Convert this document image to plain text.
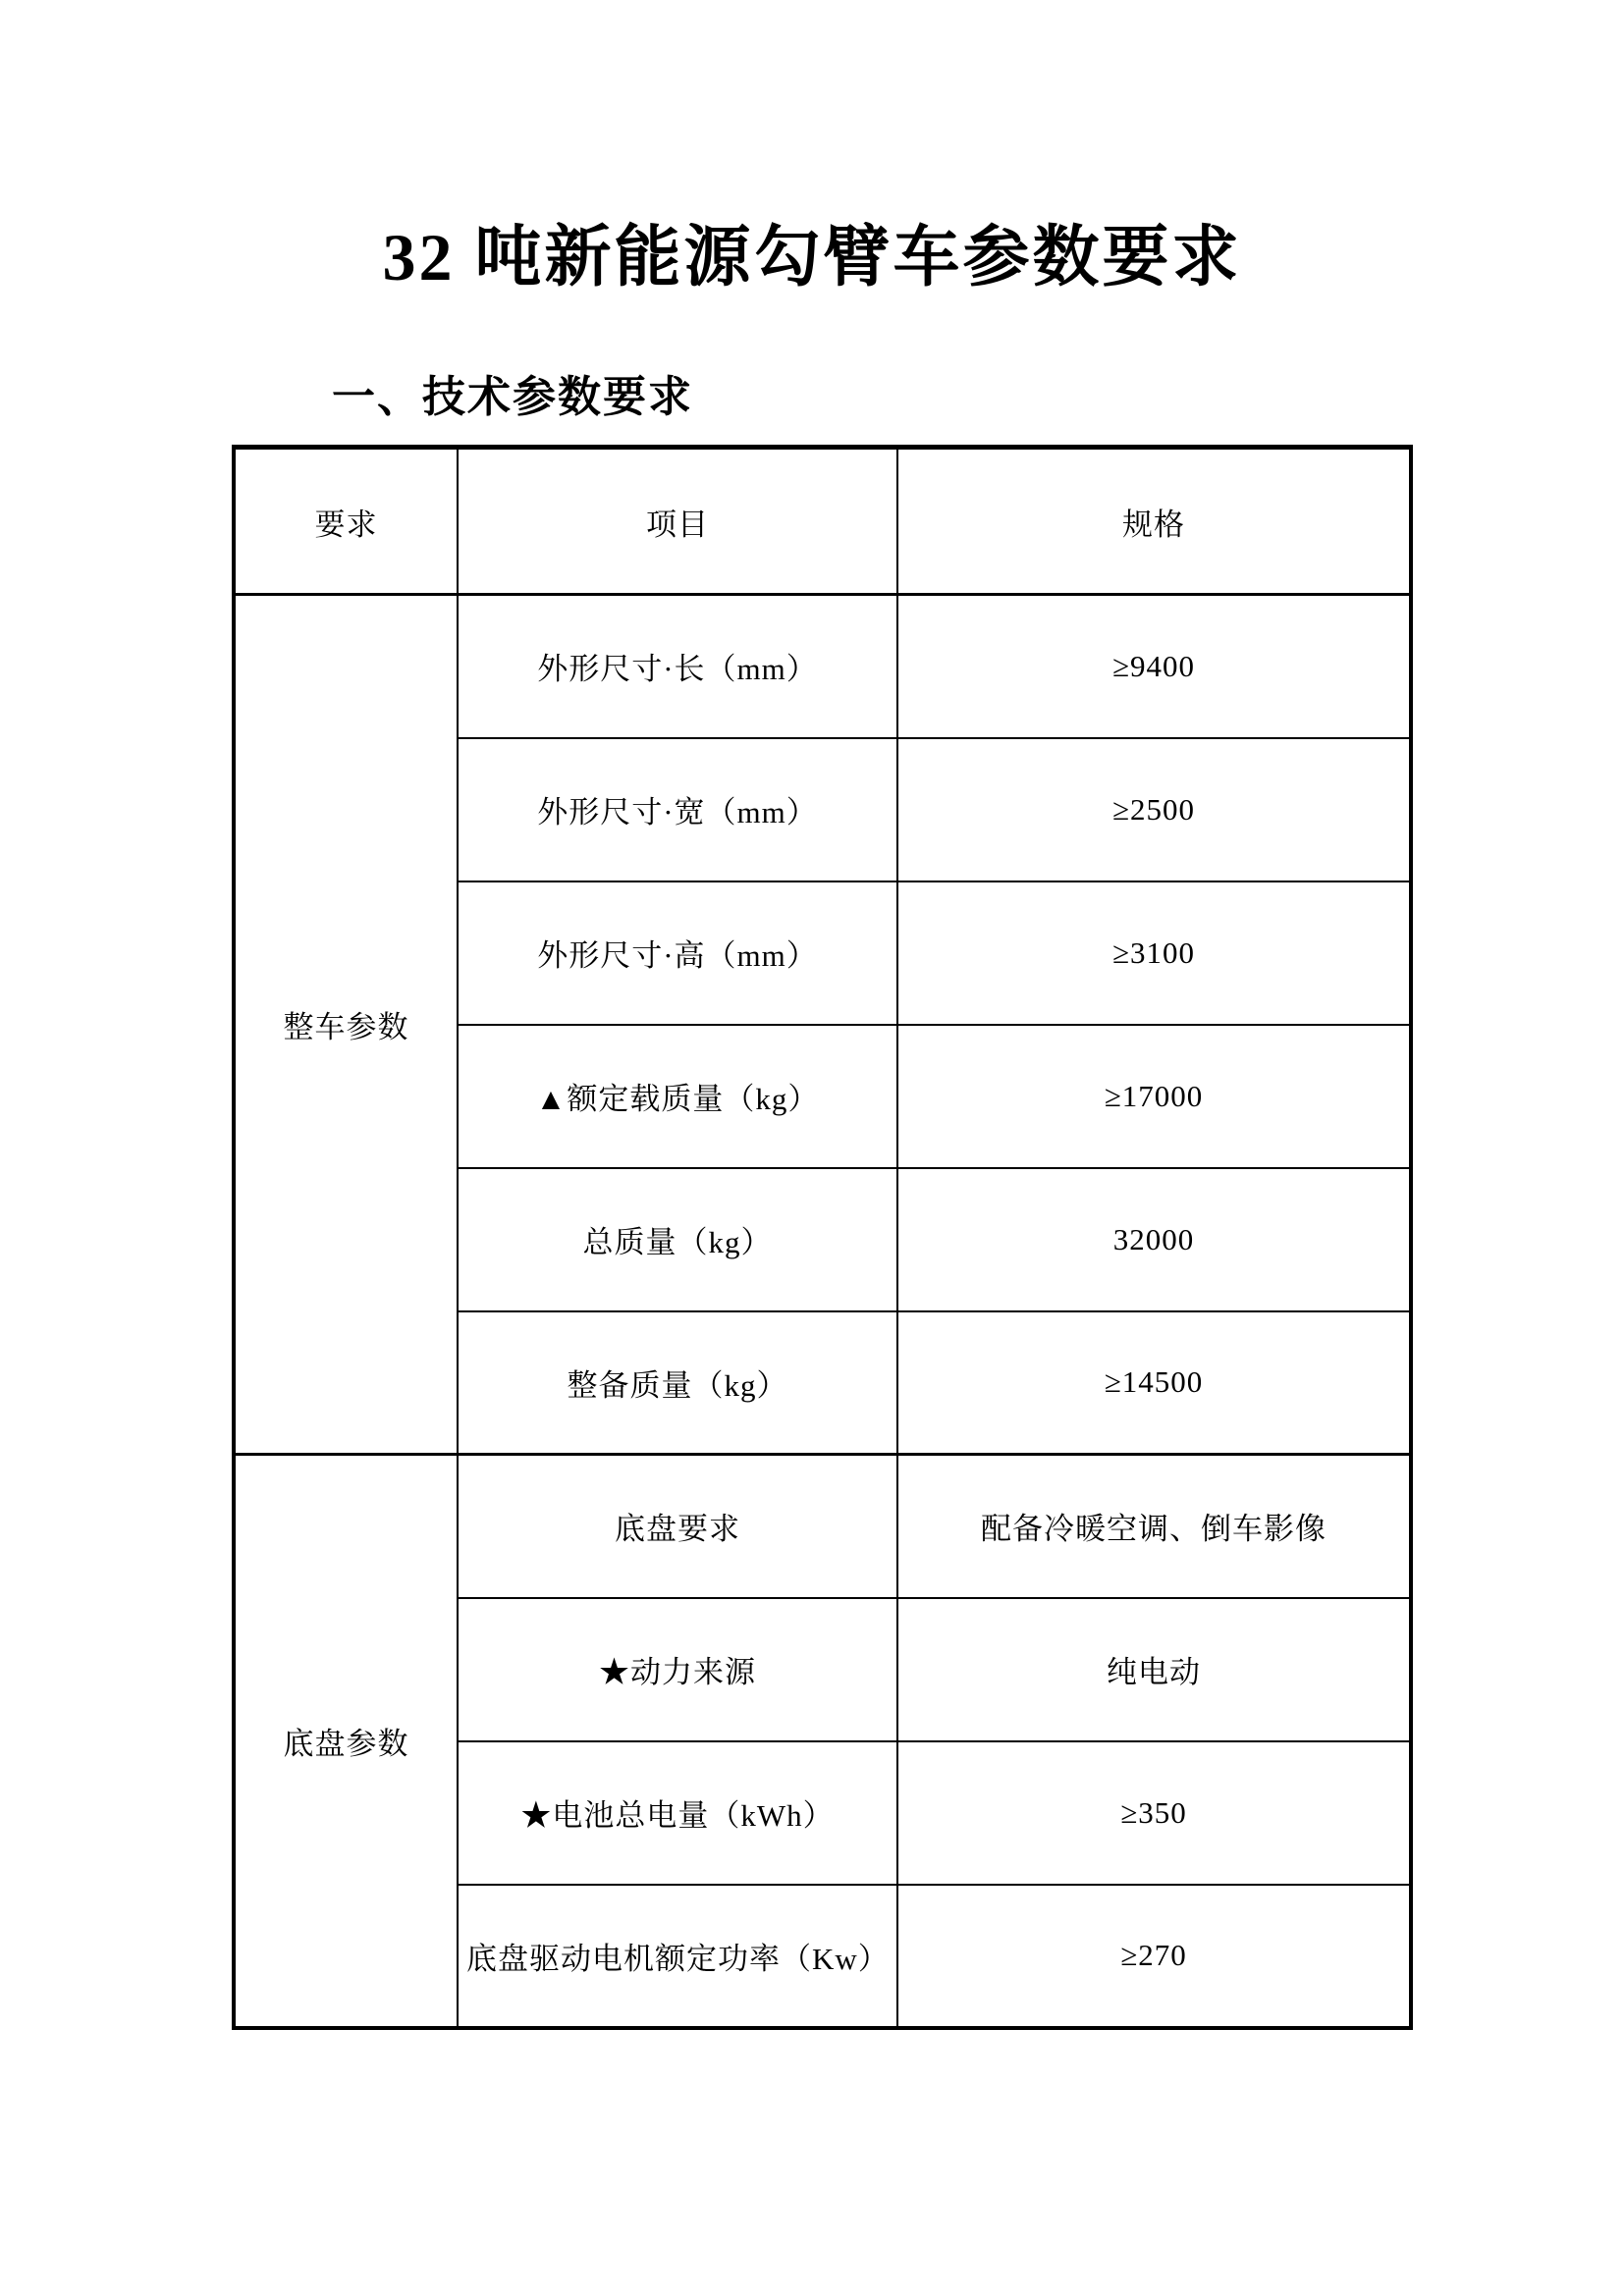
32 吨新能源勾臂车参数要求
一、技术参数要求
要求	项目	规格
整车参数	外形尺寸·长（mm）	≥9400
	外形尺寸·宽（mm）	≥2500
	外形尺寸·高（mm）	≥3100
	▲额定载质量（kg）	≥17000
	总质量（kg）	32000
	整备质量（kg）	≥14500
底盘参数	底盘要求	配备冷暖空调、倒车影像
	★动力来源	纯电动
	★电池总电量（kWh）	≥350
	底盘驱动电机额定功率（Kw）	≥270
